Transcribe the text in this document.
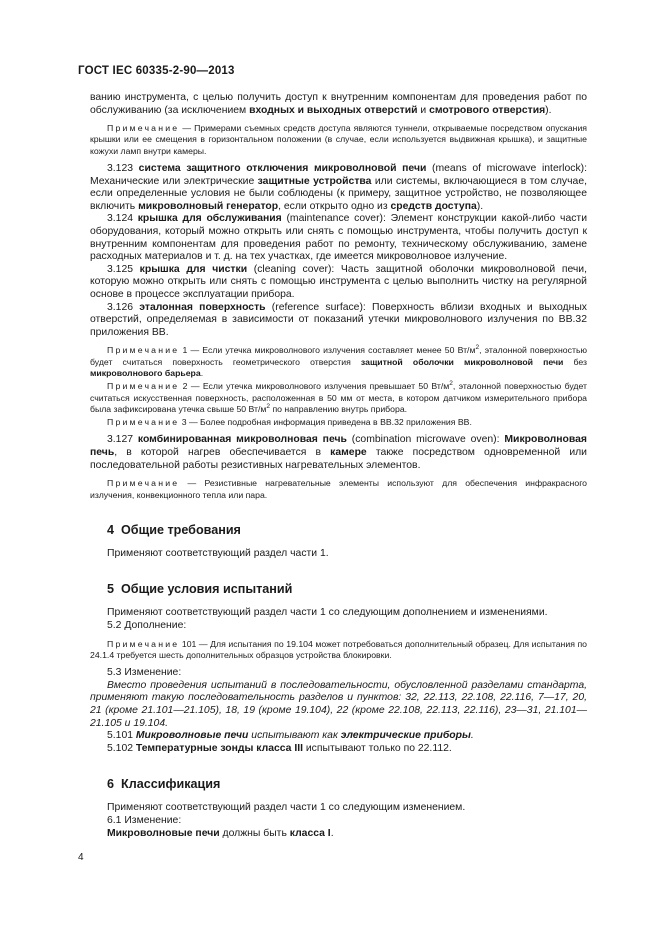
ГОСТ IEC 60335-2-90—2013

ванию инструмента, с целью получить доступ к внутренним компонентам для проведения работ по обслуживанию (за исключением входных и выходных отверстий и смотрового отверстия).

Примечание — Примерами съемных средств доступа являются туннели, открываемые посредством опускания крышки или ее смещения в горизонтальном положении (в случае, если используется выдвижная крышка), и защитные кожухи ламп внутри камеры.

3.123 система защитного отключения микроволновой печи (means of microwave interlock): Механические или электрические защитные устройства или системы, включающиеся в том случае, если определенные условия не были соблюдены (к примеру, защитное устройство, не позволяющее включить микроволновый генератор, если открыто одно из средств доступа).

3.124 крышка для обслуживания (maintenance cover): Элемент конструкции какой-либо части оборудования, который можно открыть или снять с помощью инструмента, чтобы получить доступ к внутренним компонентам для проведения работ по ремонту, техническому обслуживанию, замене расходных материалов и т. д. на тех участках, где имеется микроволновое излучение.

3.125 крышка для чистки (cleaning cover): Часть защитной оболочки микроволновой печи, которую можно открыть или снять с помощью инструмента с целью выполнить чистку на регулярной основе в процессе эксплуатации прибора.

3.126 эталонная поверхность (reference surface): Поверхность вблизи входных и выходных отверстий, определяемая в зависимости от показаний утечки микроволнового излучения по ВВ.32 приложения ВВ.

Примечание 1 — Если утечка микроволнового излучения составляет менее 50 $Вт/м^2$, эталонной поверхностью будет считаться поверхность геометрического отверстия защитной оболочки микроволновой печи без микроволнового барьера.

Примечание 2 — Если утечка микроволнового излучения превышает 50 $Вт/м^2$, эталонной поверхностью будет считаться искусственная поверхность, расположенная в 50 мм от места, в котором датчиком измерительного прибора была зафиксирована утечка свыше 50 $Вт/м^2$ по направлению внутрь прибора.

Примечание 3 — Более подробная информация приведена в ВВ.32 приложения ВВ.

3.127 комбинированная микроволновая печь (combination microwave oven): Микроволновая печь, в которой нагрев обеспечивается в камере также посредством одновременной или последовательной работы резистивных нагревательных элементов.

Примечание — Резистивные нагревательные элементы используют для обеспечения инфракрасного излучения, конвекционного тепла или пара.

4 Общие требования

Применяют соответствующий раздел части 1.

5 Общие условия испытаний

Применяют соответствующий раздел части 1 со следующим дополнением и изменениями.

5.2 Дополнение:

Примечание 101 — Для испытания по 19.104 может потребоваться дополнительный образец. Для испытания по 24.1.4 требуется шесть дополнительных образцов устройства блокировки.

5.3 Изменение:

Вместо проведения испытаний в последовательности, обусловленной разделами стандарта, применяют такую последовательность разделов и пунктов: 32, 22.113, 22.108, 22.116, 7—17, 20, 21 (кроме 21.101—21.105), 18, 19 (кроме 19.104), 22 (кроме 22.108, 22.113, 22.116), 23—31, 21.101—21.105 и 19.104.

5.101 Микроволновые печи испытывают как электрические приборы.

5.102 Температурные зонды класса III испытывают только по 22.112.

6 Классификация

Применяют соответствующий раздел части 1 со следующим изменением.

6.1 Изменение:

Микроволновые печи должны быть класса I.

4
